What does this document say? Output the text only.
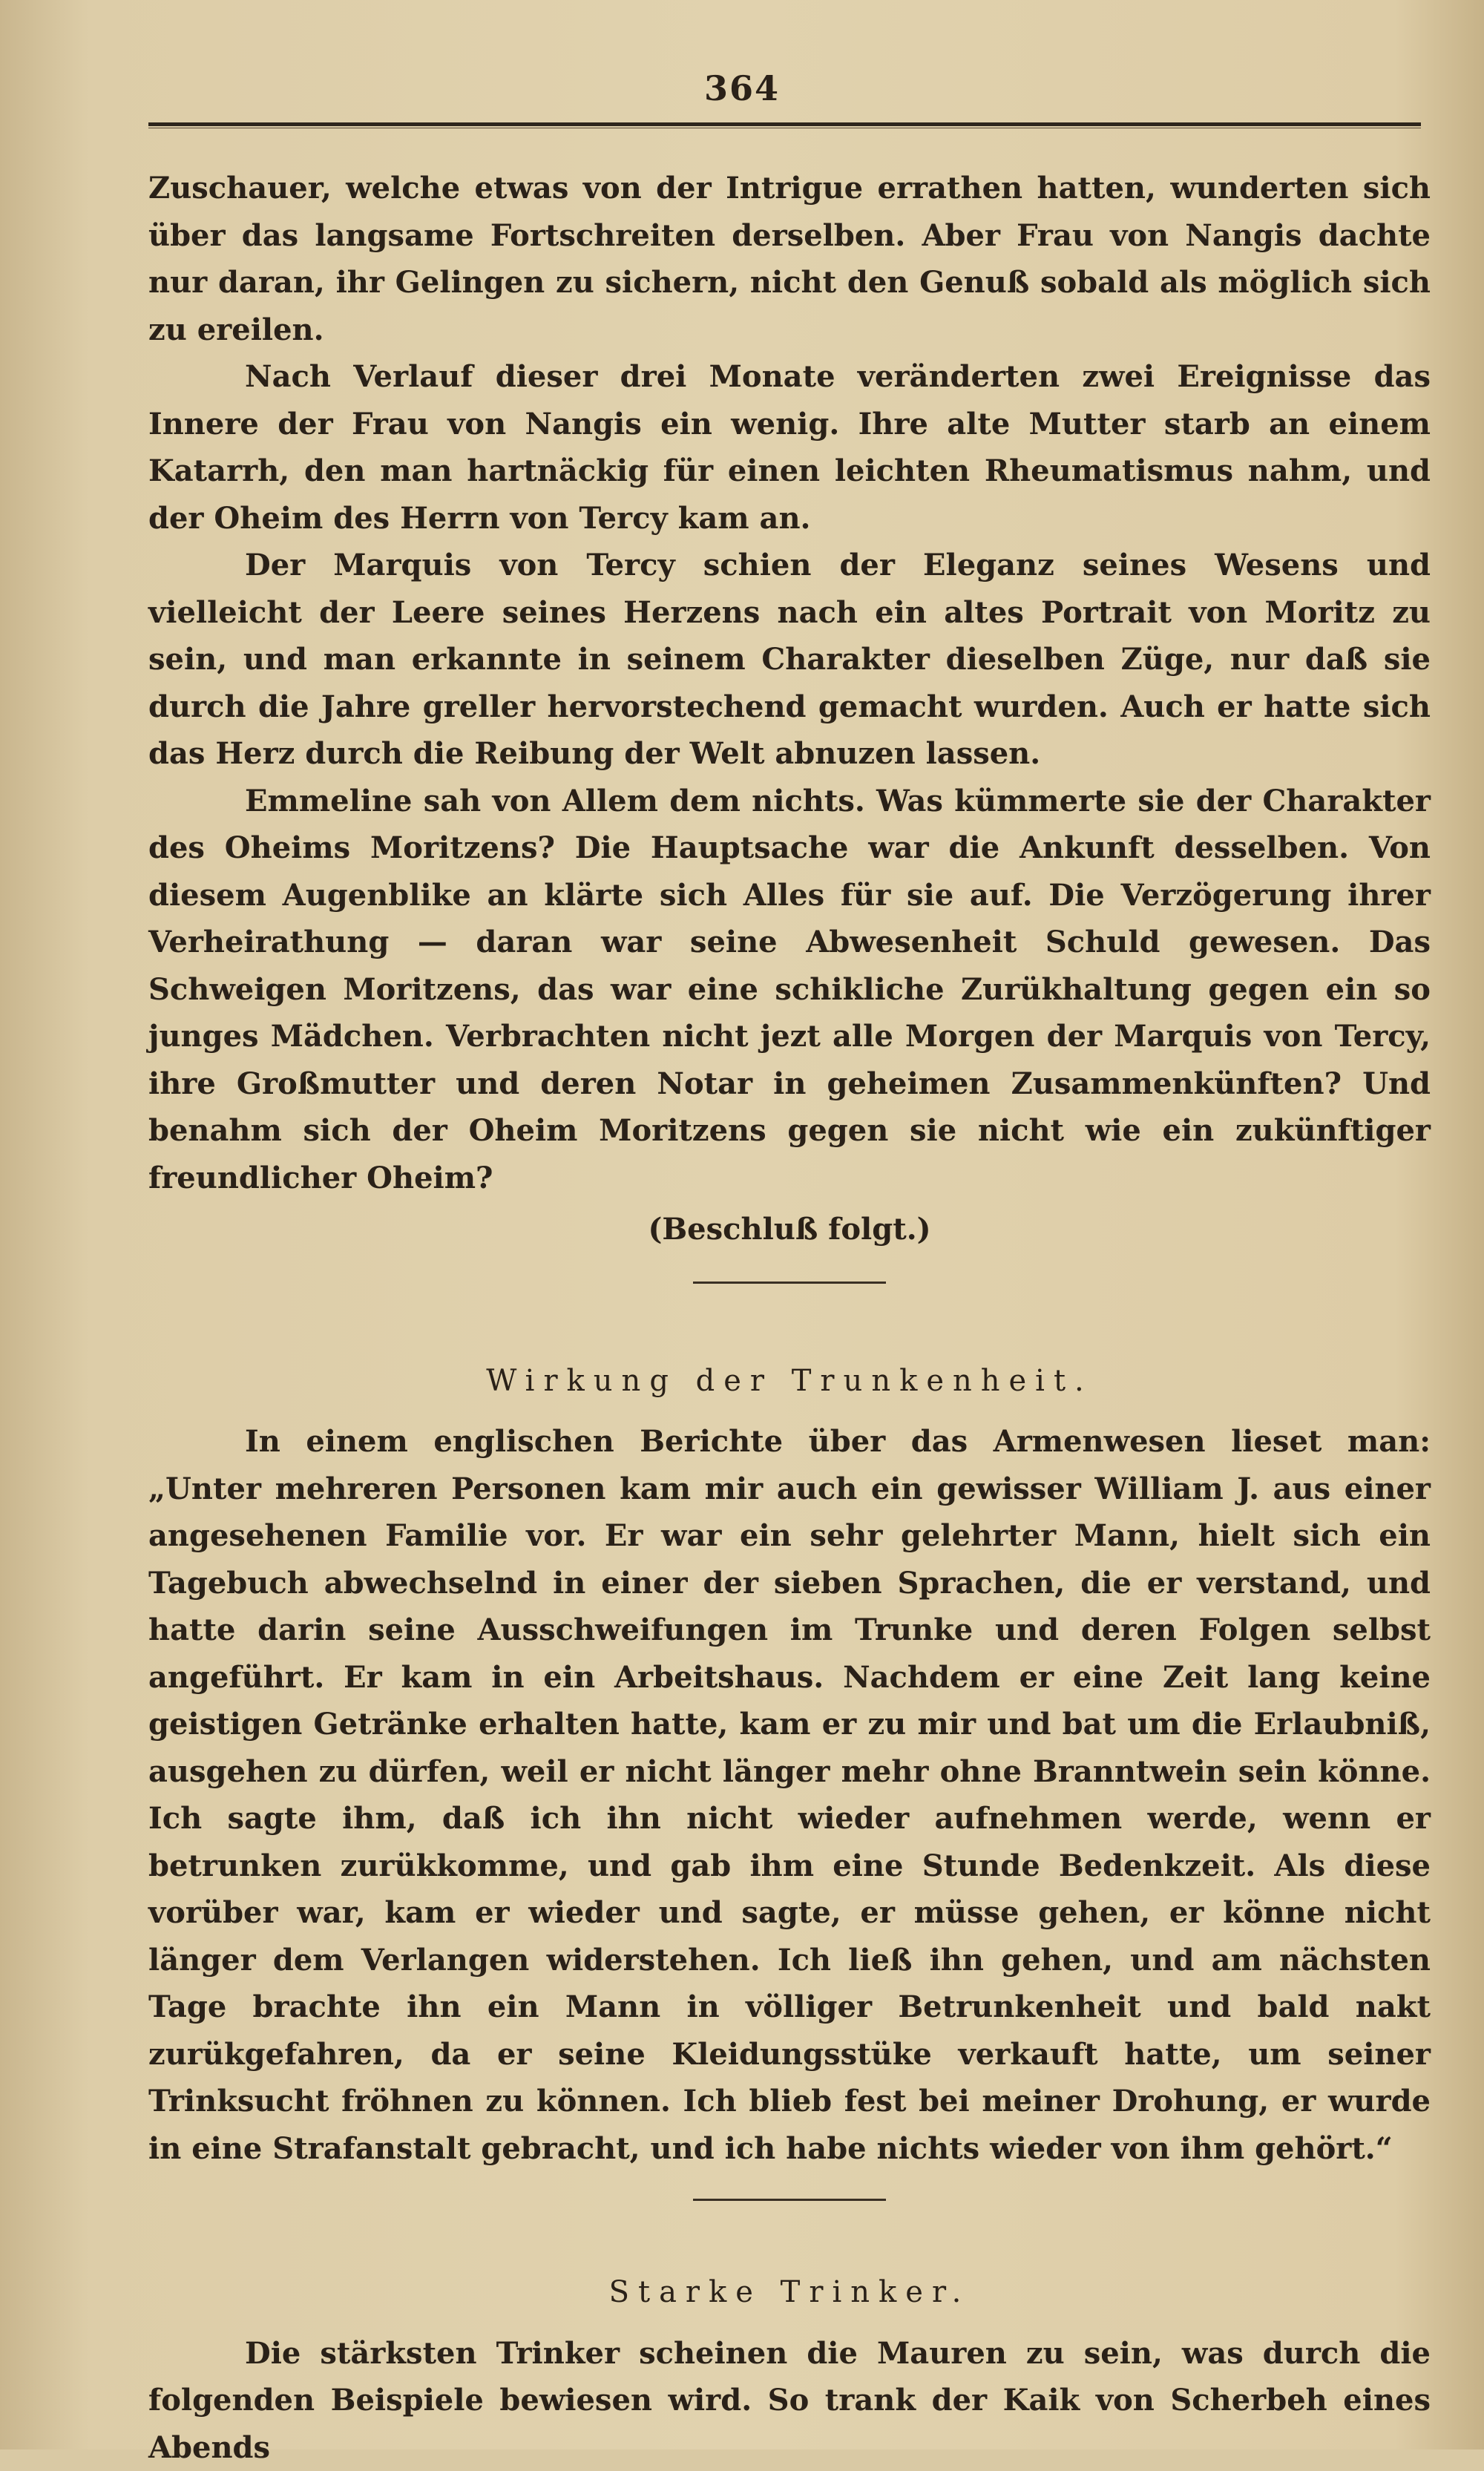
364

Zuschauer, welche etwas von der Intrigue errathen hatten, wunderten sich über das langsame Fortschreiten derselben. Aber Frau von Nangis dachte nur daran, ihr Gelingen zu sichern, nicht den Genuß sobald als möglich sich zu ereilen.

Nach Verlauf dieser drei Monate veränderten zwei Ereignisse das Innere der Frau von Nangis ein wenig. Ihre alte Mutter starb an einem Katarrh, den man hartnäckig für einen leichten Rheumatismus nahm, und der Oheim des Herrn von Tercy kam an.

Der Marquis von Tercy schien der Eleganz seines Wesens und vielleicht der Leere seines Herzens nach ein altes Portrait von Moritz zu sein, und man erkannte in seinem Charakter dieselben Züge, nur daß sie durch die Jahre greller hervorstechend gemacht wurden. Auch er hatte sich das Herz durch die Reibung der Welt abnuzen lassen.

Emmeline sah von Allem dem nichts. Was kümmerte sie der Charakter des Oheims Moritzens? Die Hauptsache war die Ankunft desselben. Von diesem Augenblike an klärte sich Alles für sie auf. Die Verzögerung ihrer Verheirathung — daran war seine Abwesenheit Schuld gewesen. Das Schweigen Moritzens, das war eine schikliche Zurükhaltung gegen ein so junges Mädchen. Verbrachten nicht jezt alle Morgen der Marquis von Tercy, ihre Großmutter und deren Notar in geheimen Zusammenkünften? Und benahm sich der Oheim Moritzens gegen sie nicht wie ein zukünftiger freundlicher Oheim?

(Beschluß folgt.)

Wirkung der Trunkenheit.

In einem englischen Berichte über das Armenwesen lieset man: „Unter mehreren Personen kam mir auch ein gewisser William J. aus einer angesehenen Familie vor. Er war ein sehr gelehrter Mann, hielt sich ein Tagebuch abwechselnd in einer der sieben Sprachen, die er verstand, und hatte darin seine Ausschweifungen im Trunke und deren Folgen selbst angeführt. Er kam in ein Arbeitshaus. Nachdem er eine Zeit lang keine geistigen Getränke erhalten hatte, kam er zu mir und bat um die Erlaubniß, ausgehen zu dürfen, weil er nicht länger mehr ohne Branntwein sein könne. Ich sagte ihm, daß ich ihn nicht wieder aufnehmen werde, wenn er betrunken zurükkomme, und gab ihm eine Stunde Bedenkzeit. Als diese vorüber war, kam er wieder und sagte, er müsse gehen, er könne nicht länger dem Verlangen widerstehen. Ich ließ ihn gehen, und am nächsten Tage brachte ihn ein Mann in völliger Betrunkenheit und bald nakt zurükgefahren, da er seine Kleidungsstüke verkauft hatte, um seiner Trinksucht fröhnen zu können. Ich blieb fest bei meiner Drohung, er wurde in eine Strafanstalt gebracht, und ich habe nichts wieder von ihm gehört.“

Starke Trinker.

Die stärksten Trinker scheinen die Mauren zu sein, was durch die folgenden Beispiele bewiesen wird. So trank der Kaik von Scherbeh eines Abends
